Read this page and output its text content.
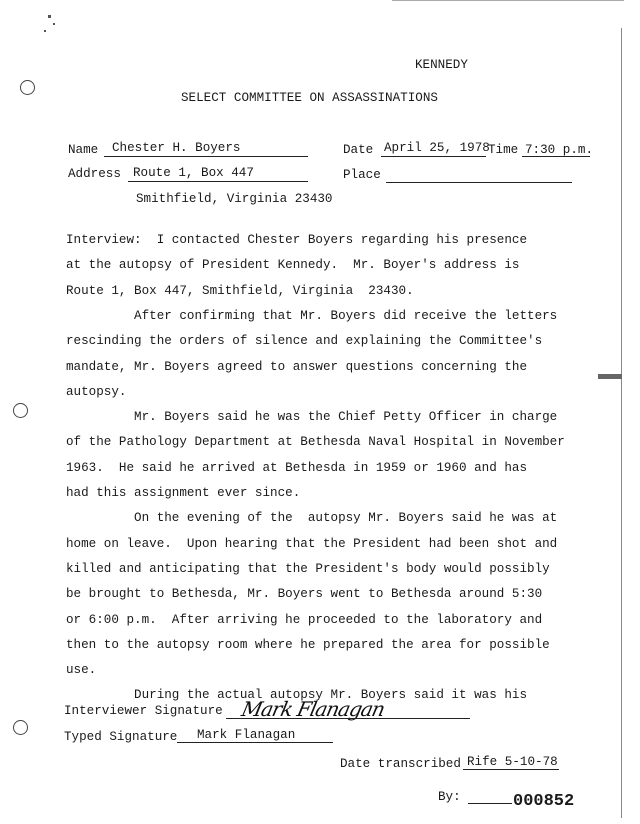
KENNEDY
SELECT COMMITTEE ON ASSASSINATIONS
Name Chester H. Boyers	Date April 25, 1978
Time 7:30 p.m.
Address Route 1, Box 447
Smithfield, Virginia 23430
Place
Interview:  I contacted Chester Boyers regarding his presence
at the autopsy of President Kennedy.  Mr. Boyer's address is
Route 1, Box 447, Smithfield, Virginia  23430.
After confirming that Mr. Boyers did receive the letters
rescinding the orders of silence and explaining the Committee's
mandate, Mr. Boyers agreed to answer questions concerning the
autopsy.
Mr. Boyers said he was the Chief Petty Officer in charge
of the Pathology Department at Bethesda Naval Hospital in November
1963.  He said he arrived at Bethesda in 1959 or 1960 and has
had this assignment ever since.
On the evening of the  autopsy Mr. Boyers said he was at
home on leave.  Upon hearing that the President had been shot and
killed and anticipating that the President's body would possibly
be brought to Bethesda, Mr. Boyers went to Bethesda around 5:30
or 6:00 p.m.  After arriving he proceeded to the laboratory and
then to the autopsy room where he prepared the area for possible
use.
During the actual autopsy Mr. Boyers said it was his
Interviewer Signature Mark Flanagan
Typed Signature Mark Flanagan
Date transcribed Rife 5-10-78
By:	000852
